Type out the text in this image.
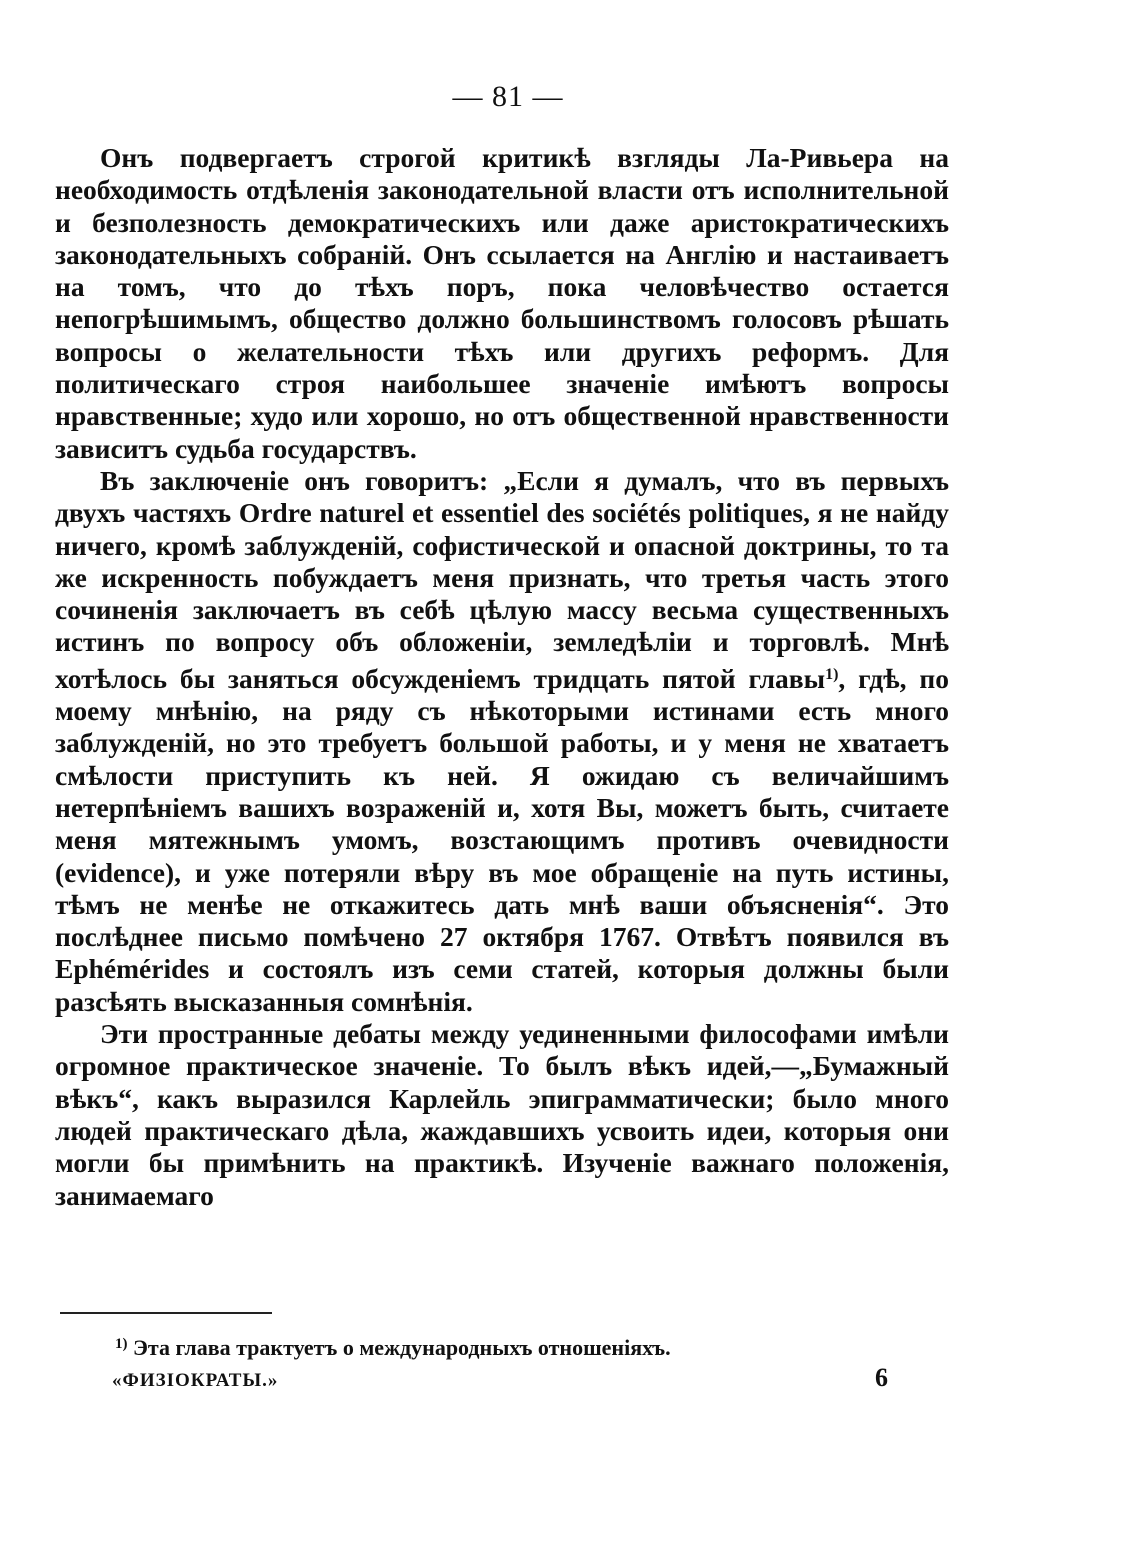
— 81 —

Онъ подвергаетъ строгой критикѣ взгляды Ла-Ривьера на необходимость отдѣленія законодательной власти отъ исполнительной и безполезность демократическихъ или даже аристократическихъ законодательныхъ собраній. Онъ ссылается на Англію и настаиваетъ на томъ, что до тѣхъ поръ, пока человѣчество остается непогрѣшимымъ, общество должно большинствомъ голосовъ рѣшать вопросы о желательности тѣхъ или другихъ реформъ. Для политическаго строя наибольшее значеніе имѣютъ вопросы нравственные; худо или хорошо, но отъ общественной нравственности зависитъ судьба государствъ.

Въ заключеніе онъ говоритъ: „Если я думалъ, что въ первыхъ двухъ частяхъ Ordre naturel et essentiel des sociétés politiques, я не найду ничего, кромѣ заблужденій, софистической и опасной доктрины, то та же искренность побуждаетъ меня признать, что третья часть этого сочиненія заключаетъ въ себѣ цѣлую массу весьма существенныхъ истинъ по вопросу объ обложеніи, земледѣліи и торговлѣ. Мнѣ хотѣлось бы заняться обсужденіемъ тридцать пятой главы$^{1)}$, гдѣ, по моему мнѣнію, на ряду съ нѣкоторыми истинами есть много заблужденій, но это требуетъ большой работы, и у меня не хватаетъ смѣлости приступить къ ней. Я ожидаю съ величайшимъ нетерпѣніемъ вашихъ возраженій и, хотя Вы, можетъ быть, считаете меня мятежнымъ умомъ, возстающимъ противъ очевидности (evidence), и уже потеряли вѣру въ мое обращеніе на путь истины, тѣмъ не менѣе не откажитесь дать мнѣ ваши объясненія“. Это послѣднее письмо помѣчено 27 октября 1767. Отвѣтъ появился въ Ephémérides и состоялъ изъ семи статей, которыя должны были разсѣять высказанныя сомнѣнія.

Эти пространные дебаты между уединенными философами имѣли огромное практическое значеніе. То былъ вѣкъ идей,—„Бумажный вѣкъ“, какъ выразился Карлейль эпиграмматически; было много людей практическаго дѣла, жаждавшихъ усвоить идеи, которыя они могли бы примѣнить на практикѣ. Изученіе важнаго положенія, занимаемаго

$^{1)}$ Эта глава трактуетъ о международныхъ отношеніяхъ.
«ФИЗІОКРАТЫ.»	6
